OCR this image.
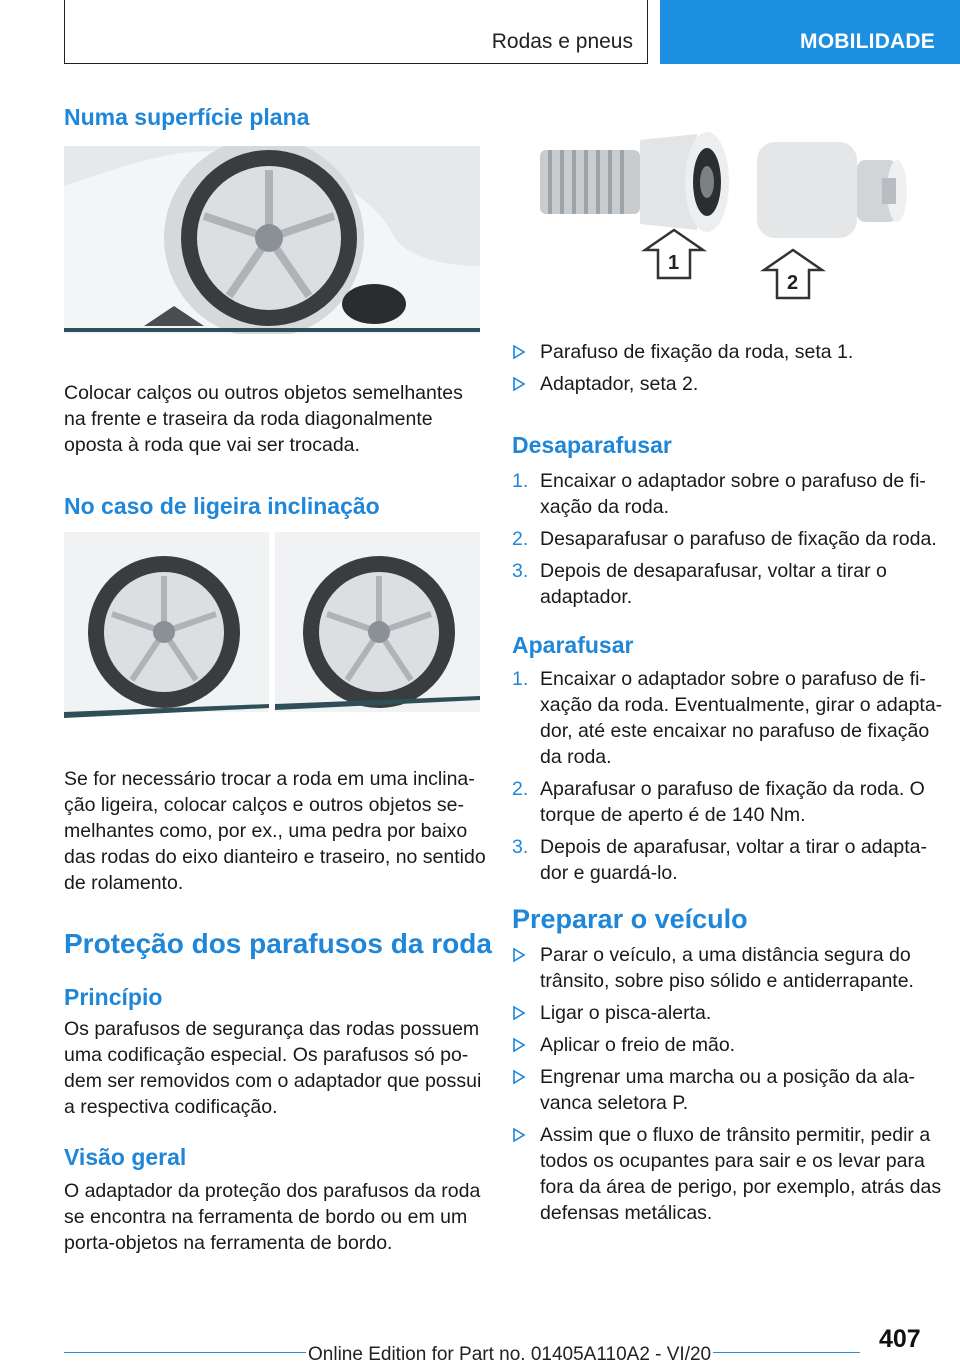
Rodas e pneus	MOBILIDADE
Numa superfície plana
Colocar calços ou outros objetos semelhantes
na frente e traseira da roda diagonalmente
oposta à roda que vai ser trocada.
No caso de ligeira inclinação
Se for necessário trocar a roda em uma inclina-
ção ligeira, colocar calços e outros objetos se-
melhantes como, por ex., uma pedra por baixo
das rodas do eixo dianteiro e traseiro, no sentido
de rolamento.
Proteção dos parafusos da roda
Princípio
Os parafusos de segurança das rodas possuem
uma codificação especial. Os parafusos só po-
dem ser removidos com o adaptador que possui
a respectiva codificação.
Visão geral
O adaptador da proteção dos parafusos da roda
se encontra na ferramenta de bordo ou em um
porta-objetos na ferramenta de bordo.
1
2
Parafuso de fixação da roda, seta 1.
Adaptador, seta 2.
Desaparafusar
1. Encaixar o adaptador sobre o parafuso de fi-
xação da roda.
2. Desaparafusar o parafuso de fixação da roda.
3. Depois de desaparafusar, voltar a tirar o
adaptador.
Aparafusar
1. Encaixar o adaptador sobre o parafuso de fi-
xação da roda. Eventualmente, girar o adapta-
dor, até este encaixar no parafuso de fixação
da roda.
2. Aparafusar o parafuso de fixação da roda. O
torque de aperto é de 140 Nm.
3. Depois de aparafusar, voltar a tirar o adapta-
dor e guardá-lo.
Preparar o veículo
Parar o veículo, a uma distância segura do
trânsito, sobre piso sólido e antiderrapante.
Ligar o pisca-alerta.
Aplicar o freio de mão.
Engrenar uma marcha ou a posição da ala-
vanca seletora P.
Assim que o fluxo de trânsito permitir, pedir a
todos os ocupantes para sair e os levar para
fora da área de perigo, por exemplo, atrás das
defensas metálicas.
407
Online Edition for Part no. 01405A110A2 - VI/20
